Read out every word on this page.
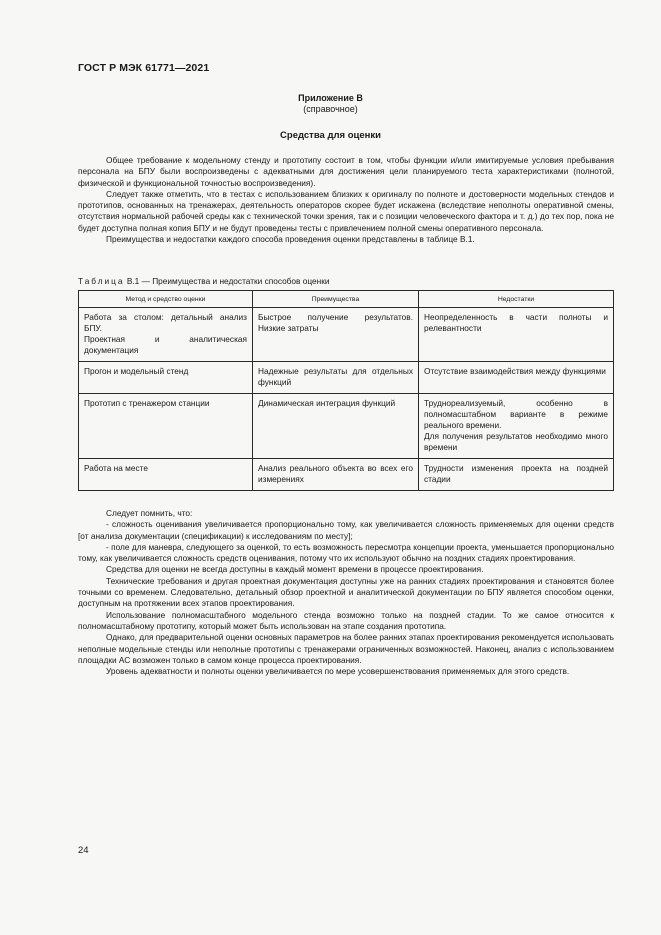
ГОСТ Р МЭК 61771—2021
Приложение В
(справочное)
Средства для оценки

Общее требование к модельному стенду и прототипу состоит в том, чтобы функции и/или имитируемые условия пребывания персонала на БПУ были воспроизведены с адекватными для достижения цели планируемого теста характеристиками (полнотой, физической и функциональной точностью воспроизведения).

Следует также отметить, что в тестах с использованием близких к оригиналу по полноте и достоверности модельных стендов и прототипов, основанных на тренажерах, деятельность операторов скорее будет искажена (вследствие неполноты оперативной смены, отсутствия нормальной рабочей среды как с технической точки зрения, так и с позиции человеческого фактора и т. д.) до тех пор, пока не будет доступна полная копия БПУ и не будут проведены тесты с привлечением полной смены оперативного персонала.

Преимущества и недостатки каждого способа проведения оценки представлены в таблице В.1.

Таблица В.1 — Преимущества и недостатки способов оценки
Метод и средство оценки	Преимущества	Недостатки

Работа за столом: детальный анализ БПУ.
Проектная и аналитическая документация	Быстрое получение результатов. Низкие затраты	Неопределенность в части полноты и релевантности

Прогон и модельный стенд	Надежные результаты для отдельных функций	Отсутствие взаимодействия между функциями

Прототип с тренажером станции	Динамическая интеграция функций	Труднореализуемый, особенно в полномасштабном варианте в режиме реального времени.
Для получения результатов необходимо много времени

Работа на месте	Анализ реального объекта во всех его измерениях	Трудности изменения проекта на поздней стадии

Следует помнить, что:

- сложность оценивания увеличивается пропорционально тому, как увеличивается сложность применяемых для оценки средств [от анализа документации (спецификации) к исследованиям по месту];

- поле для маневра, следующего за оценкой, то есть возможность пересмотра концепции проекта, уменьшается пропорционально тому, как увеличивается сложность средств оценивания, потому что их используют обычно на поздних стадиях проектирования.

Средства для оценки не всегда доступны в каждый момент времени в процессе проектирования.

Технические требования и другая проектная документация доступны уже на ранних стадиях проектирования и становятся более точными со временем. Следовательно, детальный обзор проектной и аналитической документации по БПУ является способом оценки, доступным на протяжении всех этапов проектирования.

Использование полномасштабного модельного стенда возможно только на поздней стадии. То же самое относится к полномасштабному прототипу, который может быть использован на этапе создания прототипа.

Однако, для предварительной оценки основных параметров на более ранних этапах проектирования рекомендуется использовать неполные модельные стенды или неполные прототипы с тренажерами ограниченных возможностей. Наконец, анализ с использованием площадки АС возможен только в самом конце процесса проектирования.

Уровень адекватности и полноты оценки увеличивается по мере усовершенствования применяемых для этого средств.

24
